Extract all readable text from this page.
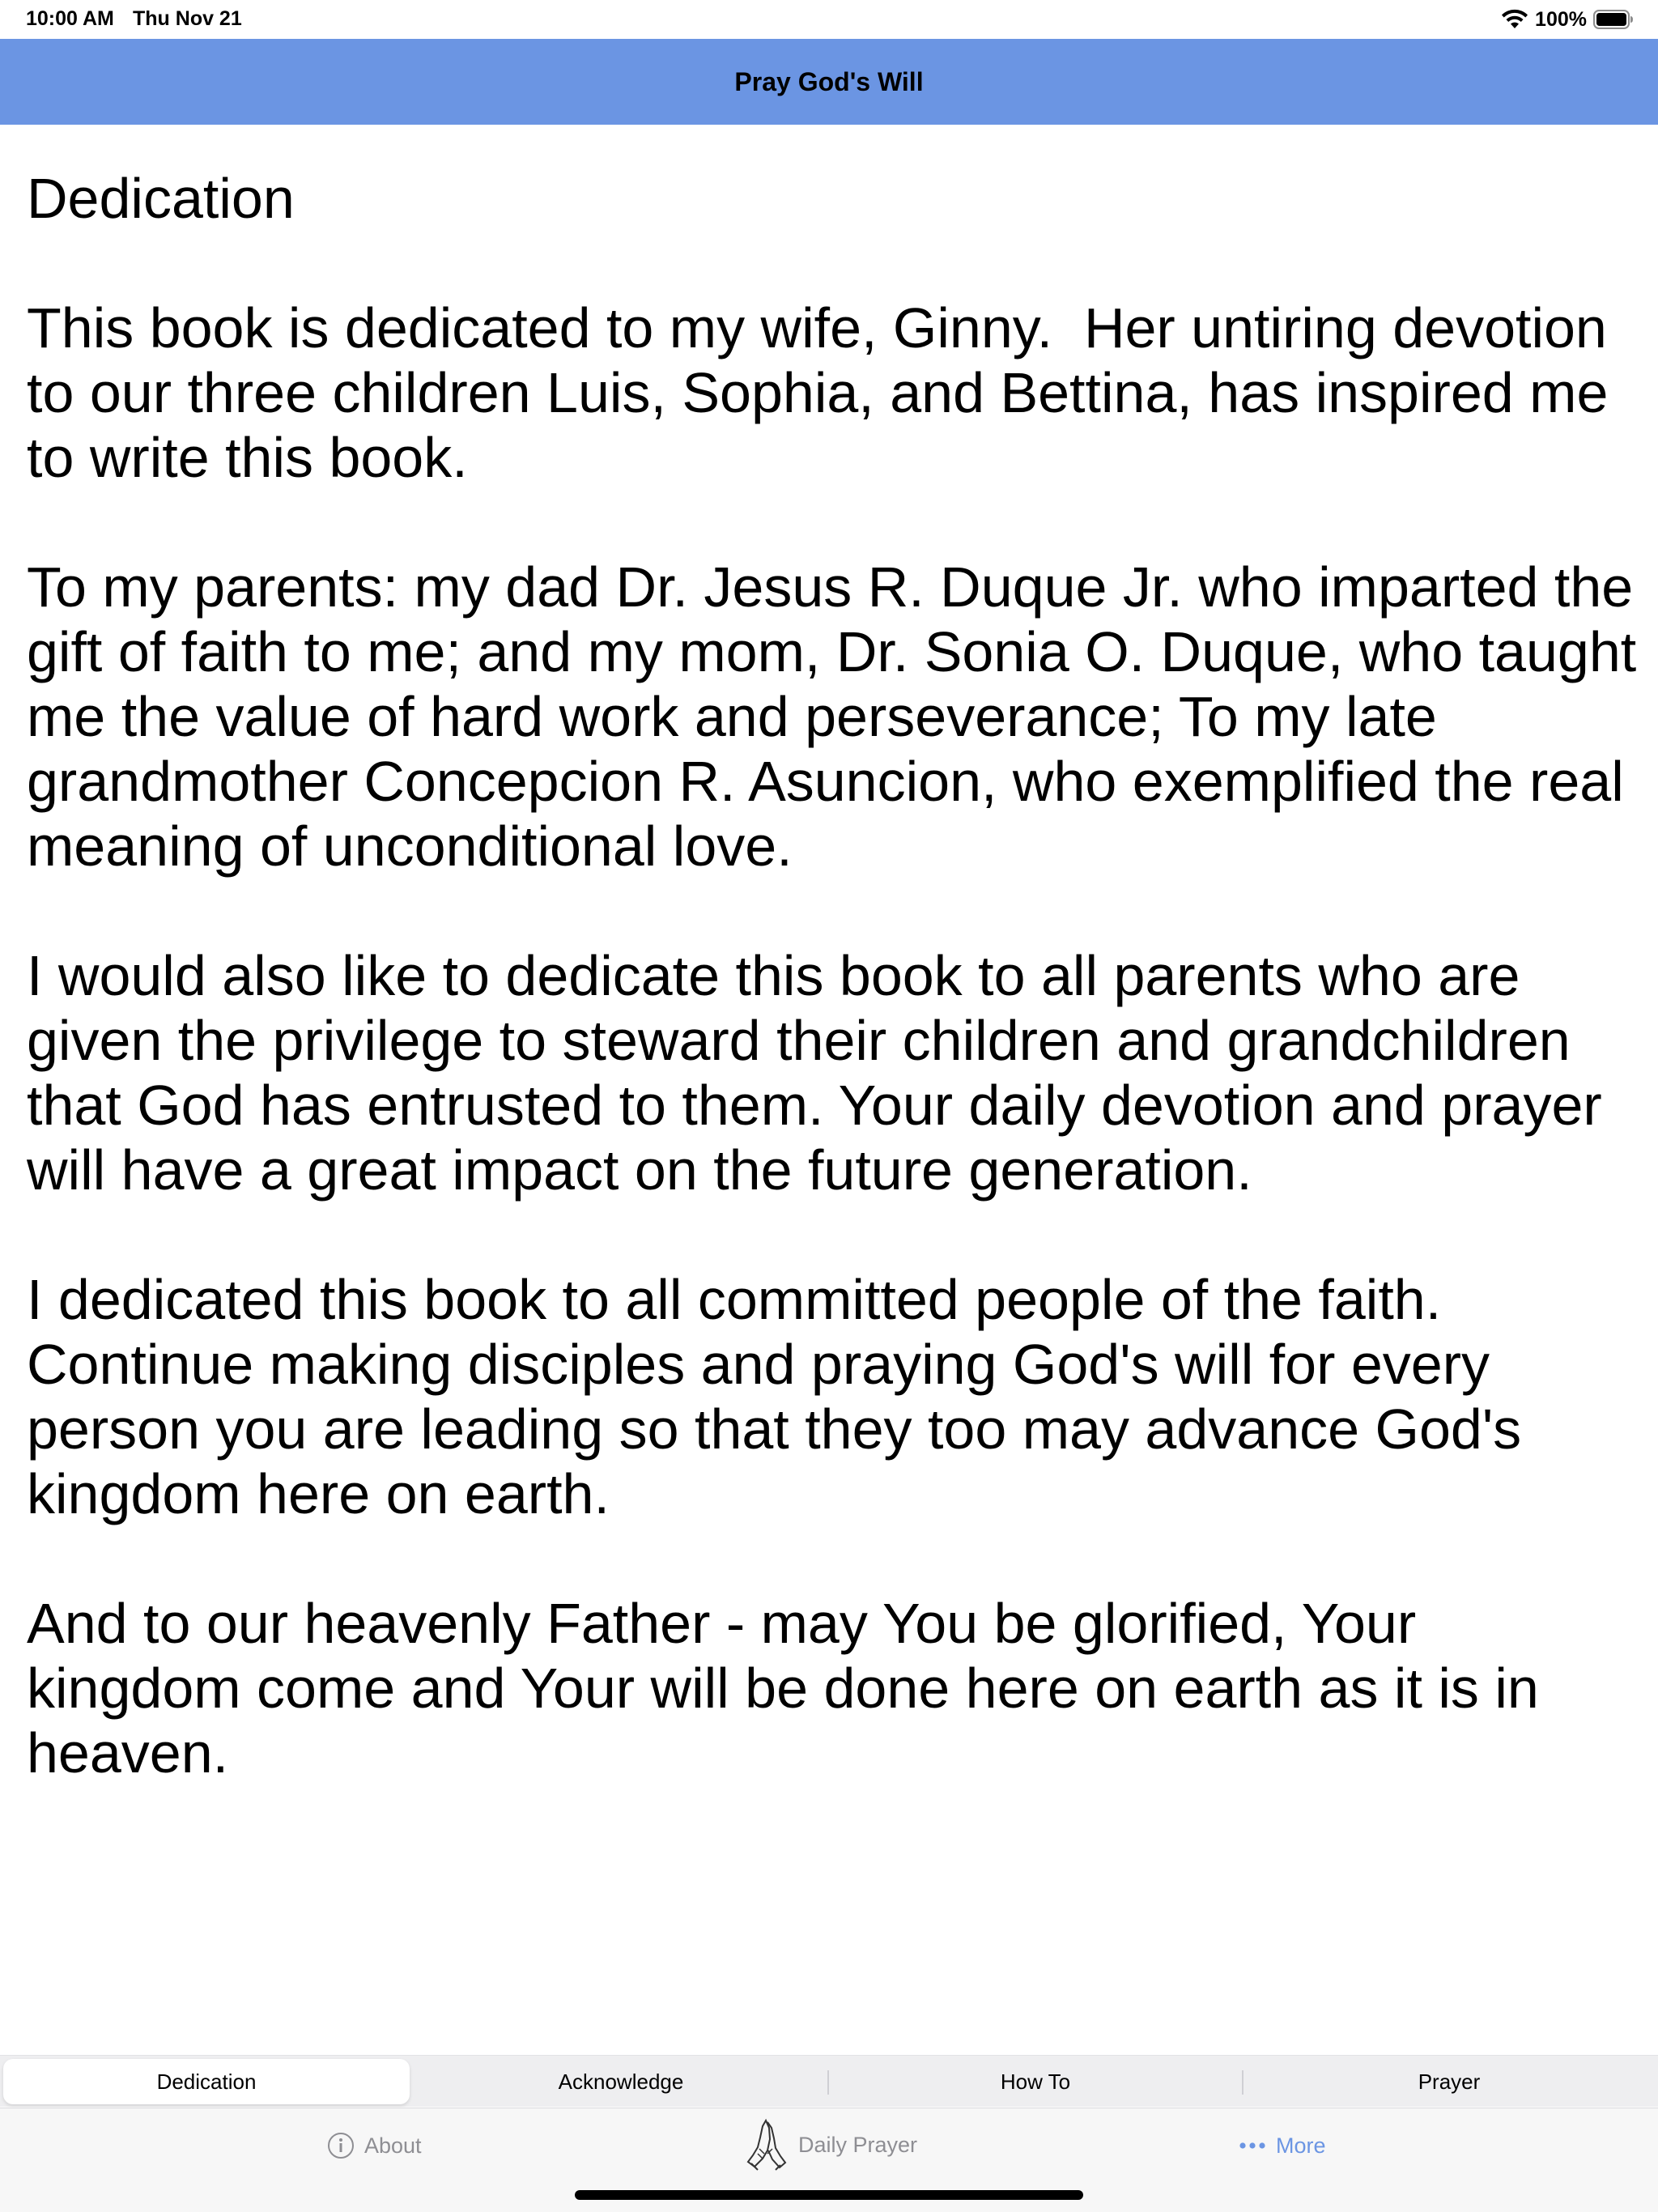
10:00 AM Thu Nov 21	100%
Pray God's Will
Dedication

This book is dedicated to my wife, Ginny.  Her untiring devotion to our three children Luis, Sophia, and Bettina, has inspired me to write this book.

To my parents: my dad Dr. Jesus R. Duque Jr. who imparted the gift of faith to me; and my mom, Dr. Sonia O. Duque, who taught me the value of hard work and perseverance; To my late grandmother Concepcion R. Asuncion, who exemplified the real meaning of unconditional love.

I would also like to dedicate this book to all parents who are given the privilege to steward their children and grandchildren that God has entrusted to them. Your daily devotion and prayer will have a great impact on the future generation.

I dedicated this book to all committed people of the faith. Continue making disciples and praying God's will for every person you are leading so that they too may advance God's kingdom here on earth.

And to our heavenly Father - may You be glorified, Your kingdom come and Your will be done here on earth as it is in heaven.

Dedication	Acknowledge	How To	Prayer
About	Daily Prayer	More
